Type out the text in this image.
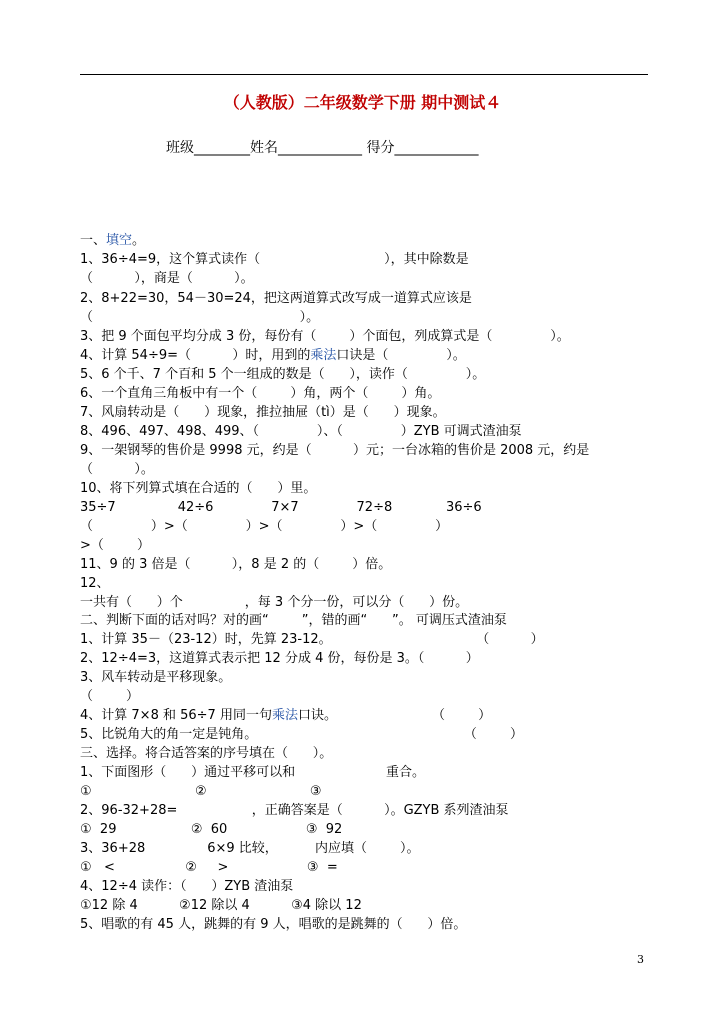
（人教版）二年级数学下册 期中测试４
班级________姓名____________ 得分____________
一、填空。
1、36÷4=9，这个算式读作（                              ），其中除数是
（          ），商是（          ）。
2、8+22=30，54－30=24，把这两道算式改写成一道算式应该是
（                                                  ）。
3、把 9 个面包平均分成 3 份，每份有（        ）个面包，列成算式是（              ）。
4、计算 54÷9=（          ）时，用到的乘法口诀是（              ）。
5、6 个千、7 个百和 5 个一组成的数是（      ），读作（              ）。
6、一个直角三角板中有一个（        ）角，两个（        ）角。
7、风扇转动是（      ）现象，推拉抽屉（tì）是（      ）现象。
8、496、497、498、499、（              ）、（              ）ZYB 可调式渣油泵
9、一架钢琴的售价是 9998 元，约是（          ）元；一台冰箱的售价是 2008 元，约是
（          ）。
10、将下列算式填在合适的（      ）里。
35÷7               42÷6              7×7              72÷8             36÷6
（              ）>（              ）>（              ）>（              ）
>（        ）
11、9 的 3 倍是（          ），8 是 2 的（        ）倍。
12、
一共有（      ）个               ，每 3 个分一份，可以分（      ）份。
二、判断下面的话对吗？对的画“        ”，错的画“      ”。 可调压式渣油泵
1、计算 35－（23-12）时，先算 23-12。                                   （          ）
2、12÷4=3，这道算式表示把 12 分成 4 份，每份是 3。（          ）
3、风车转动是平移现象。
（        ）
4、计算 7×8 和 56÷7 用同一句乘法口诀。                       （        ）
5、比锐角大的角一定是钝角。                                                  （        ）
三、选择。将合适答案的序号填在（      ）。
1、下面图形（      ）通过平移可以和                      重合。
①                         ②                         ③
2、96-32+28=                  ，正确答案是（          ）。GZYB 系列渣油泵
①  29                  ②  60                   ③  92
3、36+28               6×9 比较，         内应填（        ）。
①   <                 ②     >                   ③  =
4、12÷4 读作：（      ）ZYB 渣油泵
①12 除 4          ②12 除以 4          ③4 除以 12
5、唱歌的有 45 人，跳舞的有 9 人，唱歌的是跳舞的（      ）倍。
3
